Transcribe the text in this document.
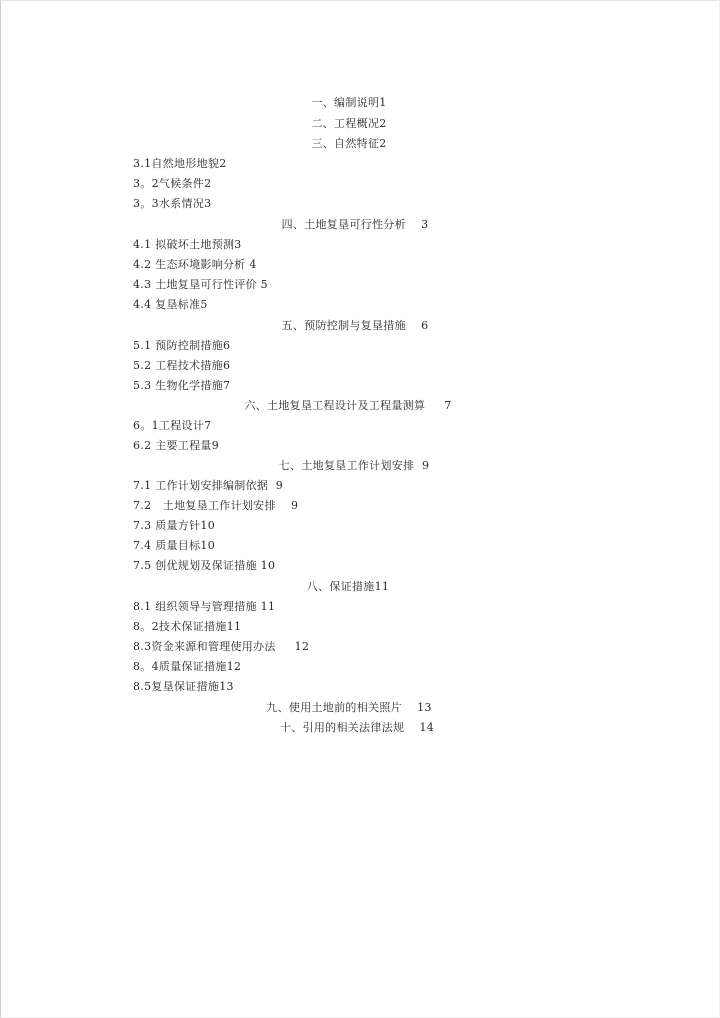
一、编制说明1
二、工程概况2
三、自然特征2
3.1自然地形地貌2
3。2气候条件2
3。3水系情况3
四、土地复垦可行性分析    3
4.1 拟破坏土地预测3
4.2 生态环境影响分析 4
4.3 土地复垦可行性评价 5
4.4 复垦标准5
五、预防控制与复垦措施    6
5.1 预防控制措施6
5.2 工程技术措施6
5.3 生物化学措施7
六、土地复垦工程设计及工程量测算     7
6。1工程设计7
6.2 主要工程量9
七、土地复垦工作计划安排  9
7.1 工作计划安排编制依据  9
7.2   土地复垦工作计划安排    9
7.3 质量方针10
7.4 质量目标10
7.5 创优规划及保证措施 10
八、保证措施11
8.1 组织领导与管理措施 11
8。2技术保证措施11
8.3资金来源和管理使用办法     12
8。4质量保证措施12
8.5复垦保证措施13
九、使用土地前的相关照片    13
十、引用的相关法律法规    14
